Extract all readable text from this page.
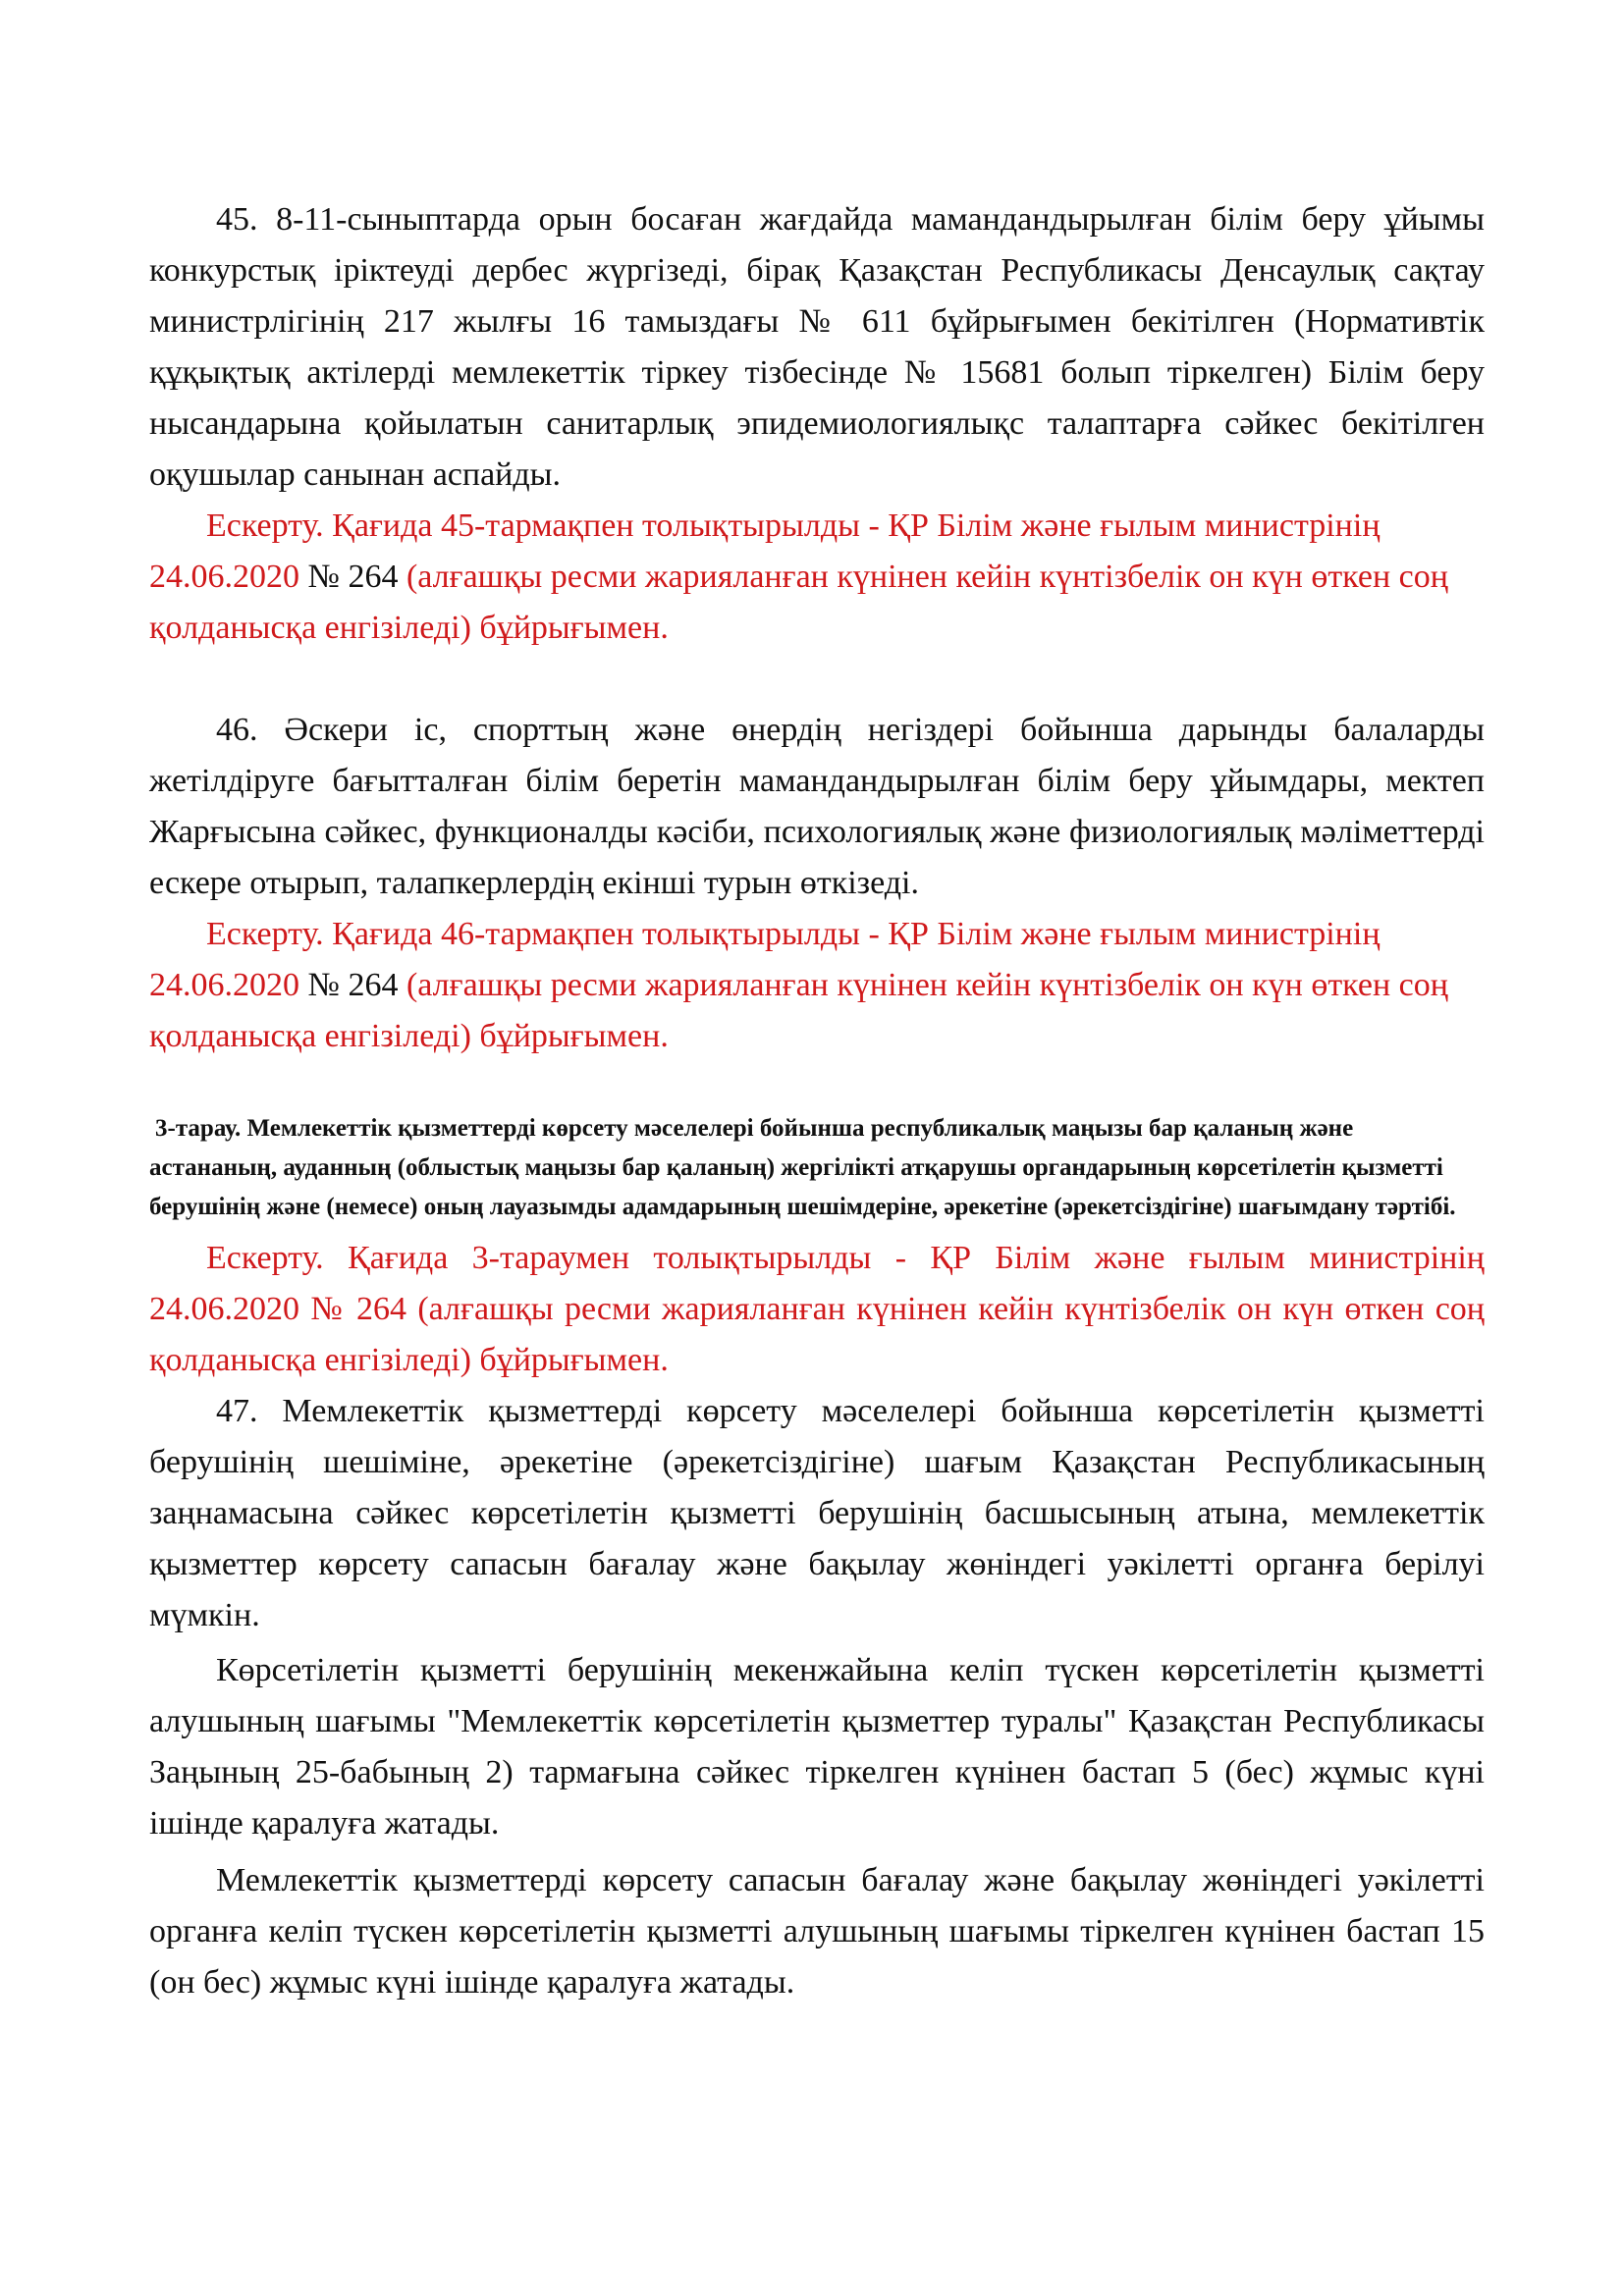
45. 8-11-сыныптарда орын босаған жағдайда мамандандырылған білім беру ұйымы конкурстық іріктеуді дербес жүргізеді, бірақ Қазақстан Республикасы Денсаулық сақтау министрлігінің 217 жылғы 16 тамыздағы № 611 бұйрығымен бекітілген (Нормативтік құқықтық актілерді мемлекеттік тіркеу тізбесінде № 15681 болып тіркелген) Білім беру нысандарына қойылатын санитарлық эпидемиологиялықс талаптарға сәйкес бекітілген оқушылар санынан аспайды.

Ескерту. Қағида 45-тармақпен толықтырылды - ҚР Білім және ғылым министрінің 24.06.2020 № 264 (алғашқы ресми жарияланған күнінен кейін күнтізбелік он күн өткен соң қолданысқа енгізіледі) бұйрығымен.

46. Әскери іс, спорттың және өнердің негіздері бойынша дарынды балаларды жетілдіруге бағытталған білім беретін мамандандырылған білім беру ұйымдары, мектеп Жарғысына сәйкес, функционалды кәсіби, психологиялық және физиологиялық мәліметтерді ескере отырып, талапкерлердің екінші турын өткізеді.

Ескерту. Қағида 46-тармақпен толықтырылды - ҚР Білім және ғылым министрінің 24.06.2020 № 264 (алғашқы ресми жарияланған күнінен кейін күнтізбелік он күн өткен соң қолданысқа енгізіледі) бұйрығымен.

3-тарау. Мемлекеттік қызметтерді көрсету мәселелері бойынша республикалық маңызы бар қаланың және астананың, ауданның (облыстық маңызы бар қаланың) жергілікті атқарушы органдарының көрсетілетін қызметті берушінің және (немесе) оның лауазымды адамдарының шешімдеріне, әрекетіне (әрекетсіздігіне) шағымдану тәртібі.

Ескерту. Қағида 3-тараумен толықтырылды - ҚР Білім және ғылым министрінің 24.06.2020 № 264 (алғашқы ресми жарияланған күнінен кейін күнтізбелік он күн өткен соң қолданысқа енгізіледі) бұйрығымен.

47. Мемлекеттік қызметтерді көрсету мәселелері бойынша көрсетілетін қызметті берушінің шешіміне, әрекетіне (әрекетсіздігіне) шағым Қазақстан Республикасының заңнамасына сәйкес көрсетілетін қызметті берушінің басшысының атына, мемлекеттік қызметтер көрсету сапасын бағалау және бақылау жөніндегі уәкілетті органға берілуі мүмкін.

Көрсетілетін қызметті берушінің мекенжайына келіп түскен көрсетілетін қызметті алушының шағымы "Мемлекеттік көрсетілетін қызметтер туралы" Қазақстан Республикасы Заңының 25-бабының 2) тармағына сәйкес тіркелген күнінен бастап 5 (бес) жұмыс күні ішінде қаралуға жатады.

Мемлекеттік қызметтерді көрсету сапасын бағалау және бақылау жөніндегі уәкілетті органға келіп түскен көрсетілетін қызметті алушының шағымы тіркелген күнінен бастап 15 (он бес) жұмыс күні ішінде қаралуға жатады.
